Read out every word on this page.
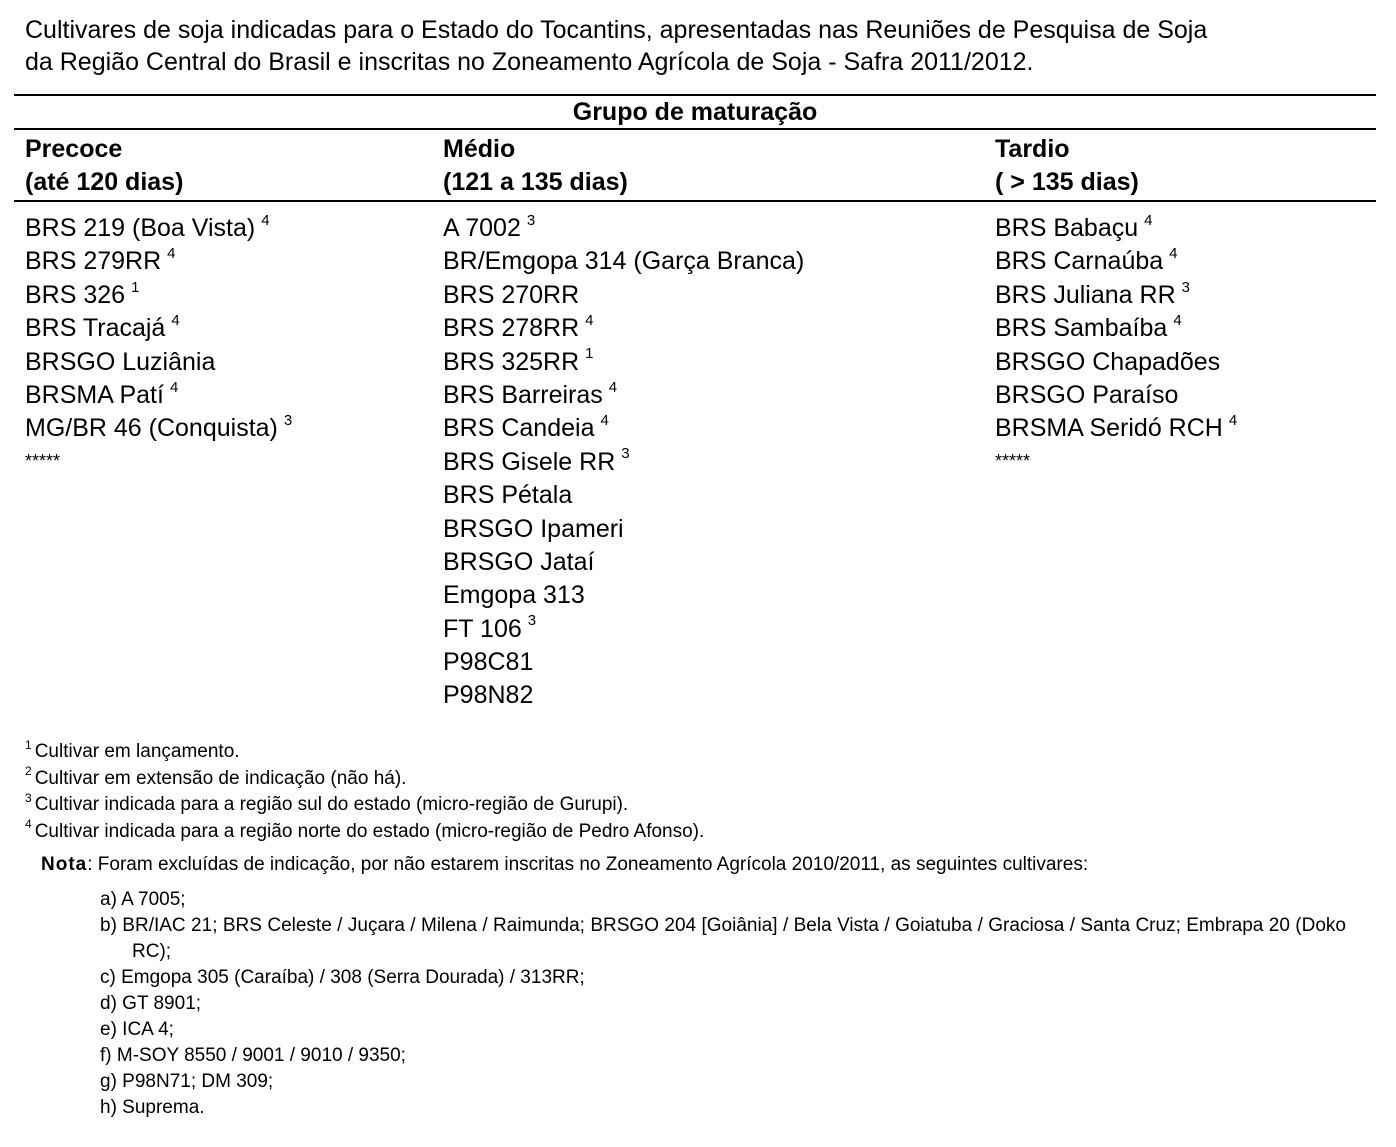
Cultivares de soja indicadas para o Estado do Tocantins, apresentadas nas Reuniões de Pesquisa de Soja
da Região Central do Brasil e inscritas no Zoneamento Agrícola de Soja - Safra 2011/2012.
Grupo de maturação
Precoce
(até 120 dias)
Médio
(121 a 135 dias)
Tardio
( > 135 dias)
BRS 219 (Boa Vista) $^4$
BRS 279RR $^4$
BRS 326 $^1$
BRS Tracajá $^4$
BRSGO Luziânia
BRSMA Patí $^4$
MG/BR 46 (Conquista) $^3$
*****
A 7002 $^3$
BR/Emgopa 314 (Garça Branca)
BRS 270RR
BRS 278RR $^4$
BRS 325RR $^1$
BRS Barreiras $^4$
BRS Candeia $^4$
BRS Gisele RR $^3$
BRS Pétala
BRSGO Ipameri
BRSGO Jataí
Emgopa 313
FT 106 $^3$
P98C81
P98N82
BRS Babaçu $^4$
BRS Carnaúba $^4$
BRS Juliana RR $^3$
BRS Sambaíba $^4$
BRSGO Chapadões
BRSGO Paraíso
BRSMA Seridó RCH $^4$
*****
$^1$ Cultivar em lançamento.
$^2$ Cultivar em extensão de indicação (não há).
$^3$ Cultivar indicada para a região sul do estado (micro-região de Gurupi).
$^4$ Cultivar indicada para a região norte do estado (micro-região de Pedro Afonso).
Nota: Foram excluídas de indicação, por não estarem inscritas no Zoneamento Agrícola 2010/2011, as seguintes cultivares:
a) A 7005;
b) BR/IAC 21; BRS Celeste / Juçara / Milena / Raimunda; BRSGO 204 [Goiânia] / Bela Vista / Goiatuba / Graciosa / Santa Cruz; Embrapa 20 (Doko RC);
c) Emgopa 305 (Caraíba) / 308 (Serra Dourada) / 313RR;
d) GT 8901;
e) ICA 4;
f) M-SOY 8550 / 9001 / 9010 / 9350;
g) P98N71; DM 309;
h) Suprema.
